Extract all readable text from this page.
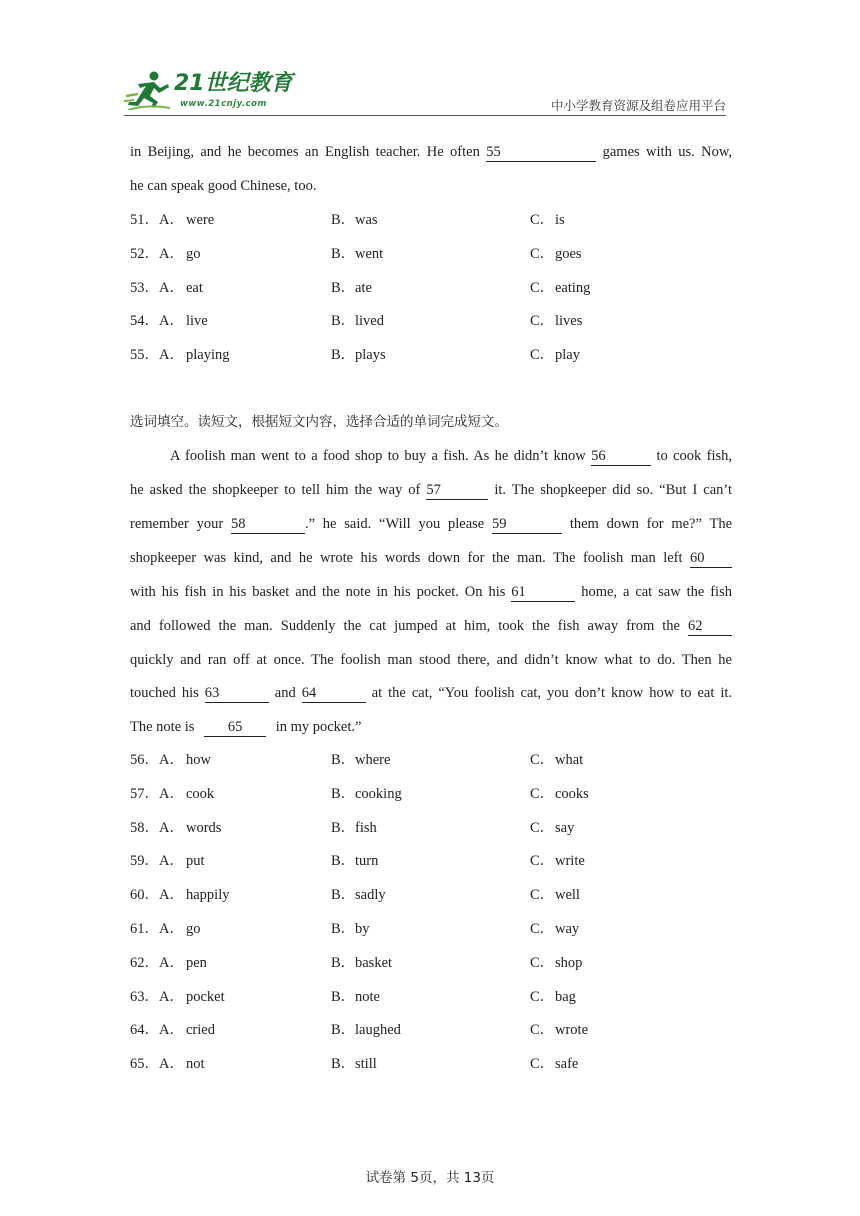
21世纪教育
www.21cnjy.com	中小学教育资源及组卷应用平台
in Beijing, and he becomes an English teacher. He often 55	games with us. Now,
he can speak good Chinese, too.
51．A． were	B． was	C． is
52．A． go	B． went	C． goes
53．A． eat	B． ate	C． eating
54．A． live	B． lived	C． lives
55．A． playing	B． plays	C． play
选词填空。读短文，根据短文内容，选择合适的单词完成短文。
A foolish man went to a food shop to buy a fish. As he didn’t know 56	to cook fish,
he asked the shopkeeper to tell him the way of 57	it. The shopkeeper did so. “But I can’t
remember your 58	.” he said. “Will you please 59	them down for me?” The
shopkeeper was kind, and he wrote his words down for the man. The foolish man left 60
with his fish in his basket and the note in his pocket. On his 61	home, a cat saw the fish
and followed the man. Suddenly the cat jumped at him, took the fish away from the 62
quickly and ran off at once. The foolish man stood there, and didn’t know what to do. Then he
touched his 63	and 64	at the cat, “You foolish cat, you don’t know how to eat it.
The note is 65 in my pocket.”
56．A． how	B． where	C． what
57．A． cook	B． cooking	C． cooks
58．A． words	B． fish	C． say
59．A． put	B． turn	C． write
60．A． happily	B． sadly	C． well
61．A． go	B． by	C． way
62．A． pen	B． basket	C． shop
63．A． pocket	B． note	C． bag
64．A． cried	B． laughed	C． wrote
65．A． not	B． still	C． safe
试卷第 5页，共 13页
